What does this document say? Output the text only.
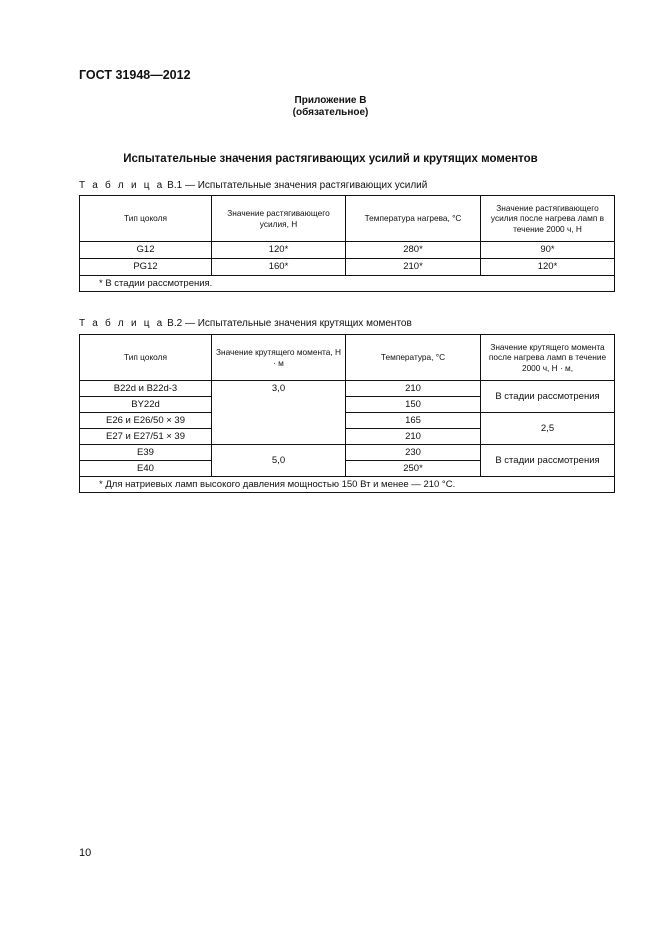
ГОСТ 31948—2012
Приложение В
(обязательное)
Испытательные значения растягивающих усилий и крутящих моментов
Т а б л и ц а В.1 — Испытательные значения растягивающих усилий
Тип цоколя	Значение растягивающего усилия, Н	Температура нагрева, °С	Значение растягивающего усилия после нагрева ламп в течение 2000 ч, Н
G12	120*	280*	90*
PG12	160*	210*	120*
* В стадии рассмотрения.			
Т а б л и ц а В.2 — Испытательные значения крутящих моментов
Тип цоколя	Значение крутящего момента, Н · м	Температура, °С	Значение крутящего момента после нагрева ламп в течение 2000 ч, Н · м,
B22d и B22d-3	3,0	210	В стадии рассмотрения
BY22d		150	
E26 и E26/50 × 39		165	2,5
E27 и E27/51 × 39		210	
E39	5,0	230	В стадии рассмотрения
E40		250*	
* Для натриевых ламп высокого давления мощностью 150 Вт и менее — 210 °С.			
10
